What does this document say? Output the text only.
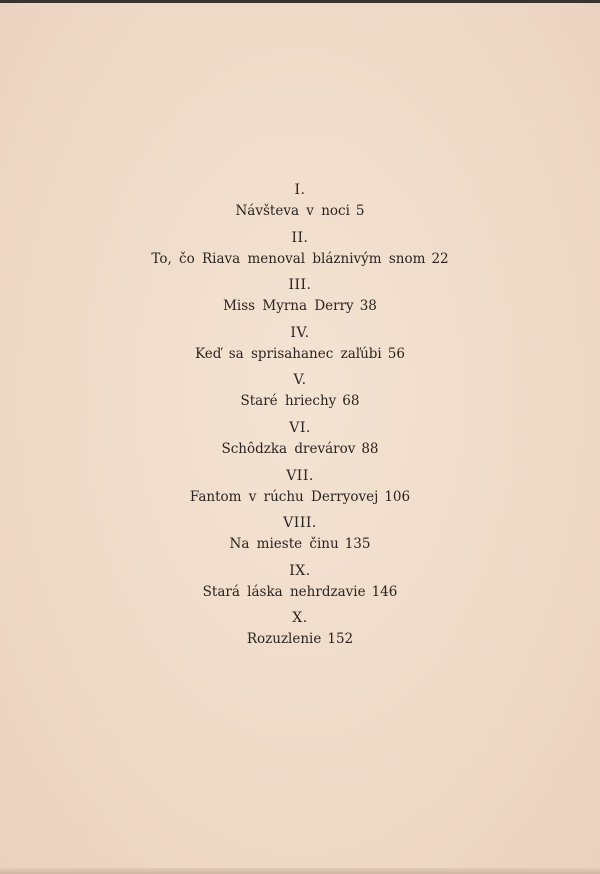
I.
Návšteva v noci 5
II.
To, čo Riava menoval bláznivým snom 22
III.
Miss Myrna Derry 38
IV.
Keď sa sprisahanec zaľúbi 56
V.
Staré hriechy 68
VI.
Schôdzka drevárov 88
VII.
Fantom v rúchu Derryovej 106
VIII.
Na mieste činu 135
IX.
Stará láska nehrdzavie 146
X.
Rozuzlenie 152
